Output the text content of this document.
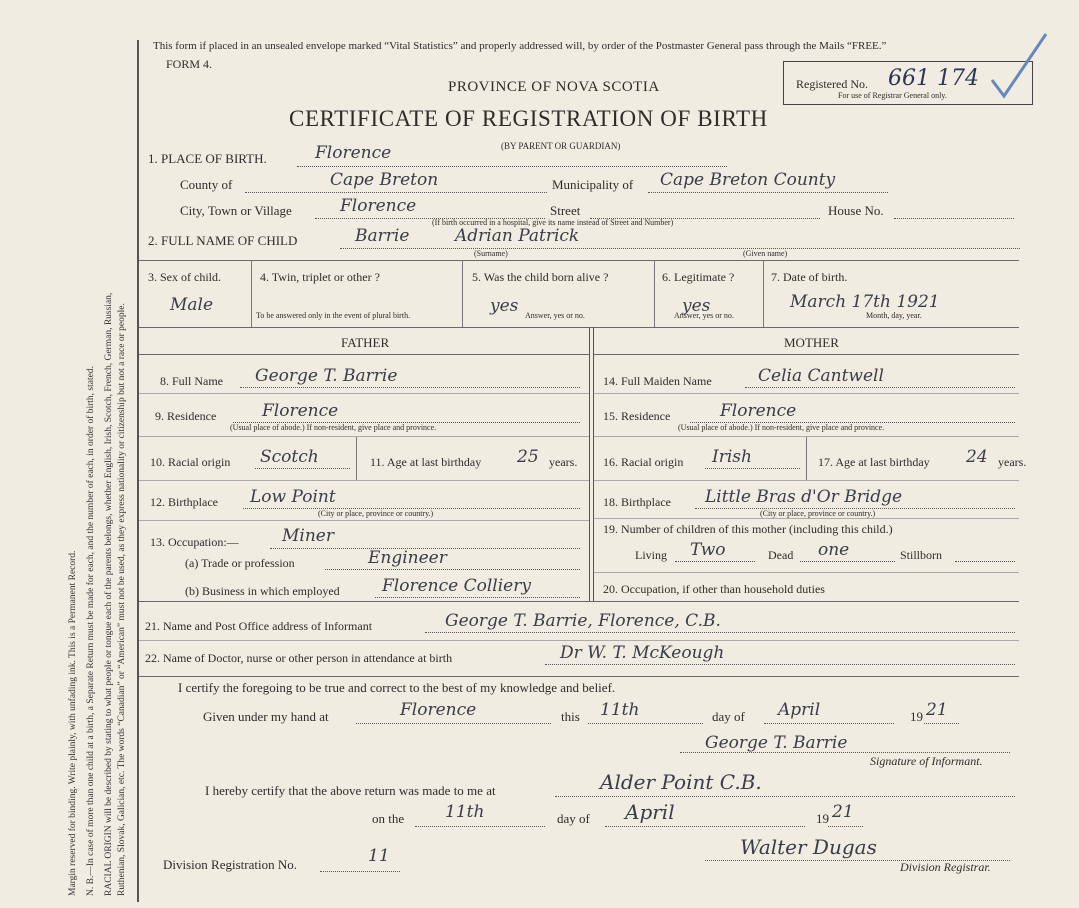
Margin reserved for binding. Write plainly, with unfading ink. This is a Permanent Record. N. B.—In case of more than one child at a birth, a Separate Return must be made for each, and the number of each, in order of birth, stated. RACIAL ORIGIN will be described by stating to what people or tongue each of the parents belongs, whether English, Irish, Scotch, French, German, Russian, Ruthenian, Slovak, Galician, etc. The words “Canadian” or “American” must not be used, as they express nationality or citizenship but not a race or people.
This form if placed in an unsealed envelope marked “Vital Statistics” and properly addressed will, by order of the Postmaster General pass through the Mails “FREE.”
FORM 4.
PROVINCE OF NOVA SCOTIA
CERTIFICATE OF REGISTRATION OF BIRTH
(BY PARENT OR GUARDIAN)
Registered No. 661 174
For use of Registrar General only.
1. PLACE OF BIRTH.	Florence
County of	Cape Breton	Municipality of Cape Breton County
City, Town or Village	Florence	Street	House No.
(If birth occurred in a hospital, give its name instead of Street and Number)
2. FULL NAME OF CHILD	Barrie	Adrian Patrick
(Surname)	(Given name)
3. Sex of child.
Male
4. Twin, triplet or other ?
To be answered only in the event of plural birth.
5. Was the child born alive ?
yes Answer, yes or no.
6. Legitimate ?
yes
Answer, yes or no.
7. Date of birth.
March 17th 1921
Month, day, year.
FATHER	MOTHER
8. Full Name George T. Barrie
9. Residence	Florence
(Usual place of abode.) If non-resident, give place and province.
10. Racial origin Scotch	11. Age at last birthday 25 years.
12. Birthplace Low Point
(City or place, province or country.)
13. Occupation:—	Miner
(a) Trade or profession	Engineer
(b) Business in which employed Florence Colliery
14. Full Maiden Name	Celia Cantwell
15. Residence	Florence
(Usual place of abode.) If non-resident, give place and province.
16. Racial origin Irish	17. Age at last birthday 24 years.
18. Birthplace Little Bras d'Or Bridge
(City or place, province or country.)
19. Number of children of this mother (including this child.)
Living Two	Dead one	Stillborn
20. Occupation, if other than household duties
21. Name and Post Office address of Informant	George T. Barrie, Florence, C.B.
22. Name of Doctor, nurse or other person in attendance at birth	Dr W. T. McKeough
I certify the foregoing to be true and correct to the best of my knowledge and belief.
Given under my hand at	Florence	this 11th	day of April	19 21
George T. Barrie
Signature of Informant.
I hereby certify that the above return was made to me at	Alder Point C.B.
on the 11th	day of April	19 21
Walter Dugas
Division Registrar.
Division Registration No.	11
